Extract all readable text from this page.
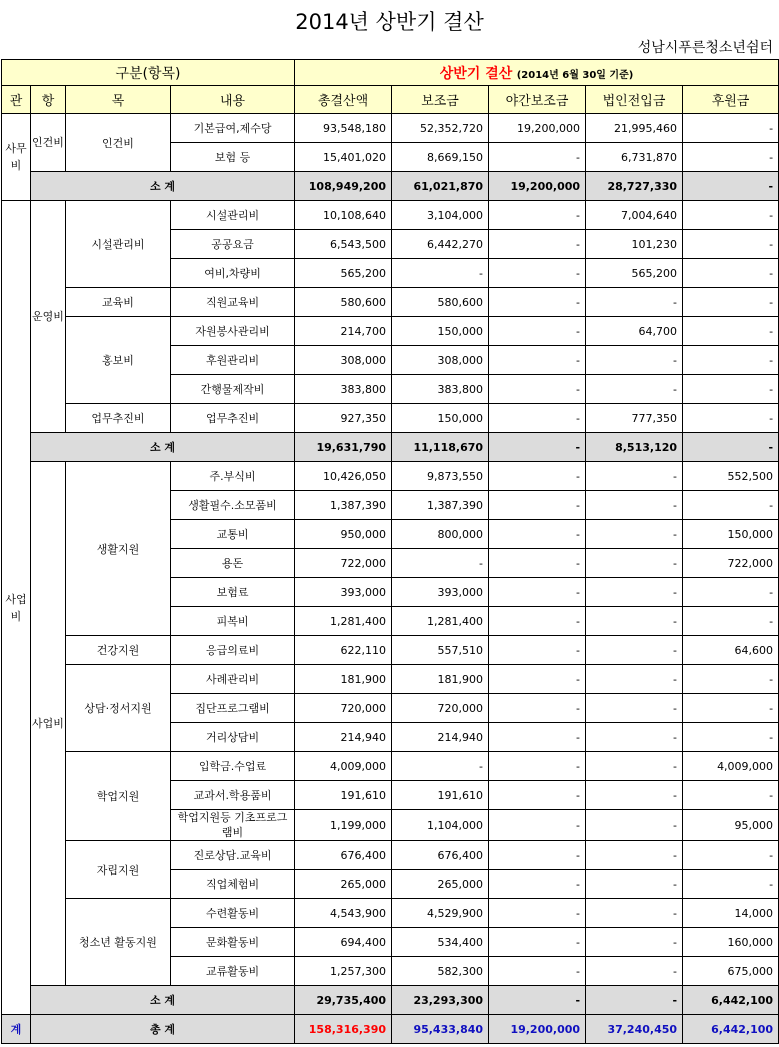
2014년 상반기 결산
성남시푸른청소년쉼터
구분(항목)				상반기 결산 (2014년 6월 30일 기준)				
관	항	목	내용	총결산액	보조금	야간보조금	법인전입금	후원금
사무비	인건비	인건비	기본급여,제수당	93,548,180	52,352,720	19,200,000	21,995,460	-
			보험 등	15,401,020	8,669,150	-	6,731,870	-
	소 계			108,949,200	61,021,870	19,200,000	28,727,330	-
사업비	운영비	시설관리비	시설관리비	10,108,640	3,104,000	-	7,004,640	-
			공공요금	6,543,500	6,442,270	-	101,230	-
			여비,차량비	565,200	-	-	565,200	-
		교육비	직원교육비	580,600	580,600	-	-	-
		홍보비	자원봉사관리비	214,700	150,000	-	64,700	-
			후원관리비	308,000	308,000	-	-	-
			간행물제작비	383,800	383,800	-	-	-
		업무추진비	업무추진비	927,350	150,000	-	777,350	-
	소 계			19,631,790	11,118,670	-	8,513,120	-
	사업비	생활지원	주.부식비	10,426,050	9,873,550	-	-	552,500
			생활필수.소모품비	1,387,390	1,387,390	-	-	-
			교통비	950,000	800,000	-	-	150,000
			용돈	722,000	-	-	-	722,000
			보험료	393,000	393,000	-	-	-
			피복비	1,281,400	1,281,400	-	-	-
		건강지원	응급의료비	622,110	557,510	-	-	64,600
		상담·정서지원	사례관리비	181,900	181,900	-	-	-
			집단프로그램비	720,000	720,000	-	-	-
			거리상담비	214,940	214,940	-	-	-
		학업지원	입학금.수업료	4,009,000	-	-	-	4,009,000
			교과서.학용품비	191,610	191,610	-	-	-
			학업지원등 기초프로그램비	1,199,000	1,104,000	-	-	95,000
		자립지원	진로상담.교육비	676,400	676,400	-	-	-
			직업체험비	265,000	265,000	-	-	-
		청소년 활동지원	수련활동비	4,543,900	4,529,900	-	-	14,000
			문화활동비	694,400	534,400	-	-	160,000
			교류활동비	1,257,300	582,300	-	-	675,000
	소 계			29,735,400	23,293,300	-	-	6,442,100
계	총 계			158,316,390	95,433,840	19,200,000	37,240,450	6,442,100
